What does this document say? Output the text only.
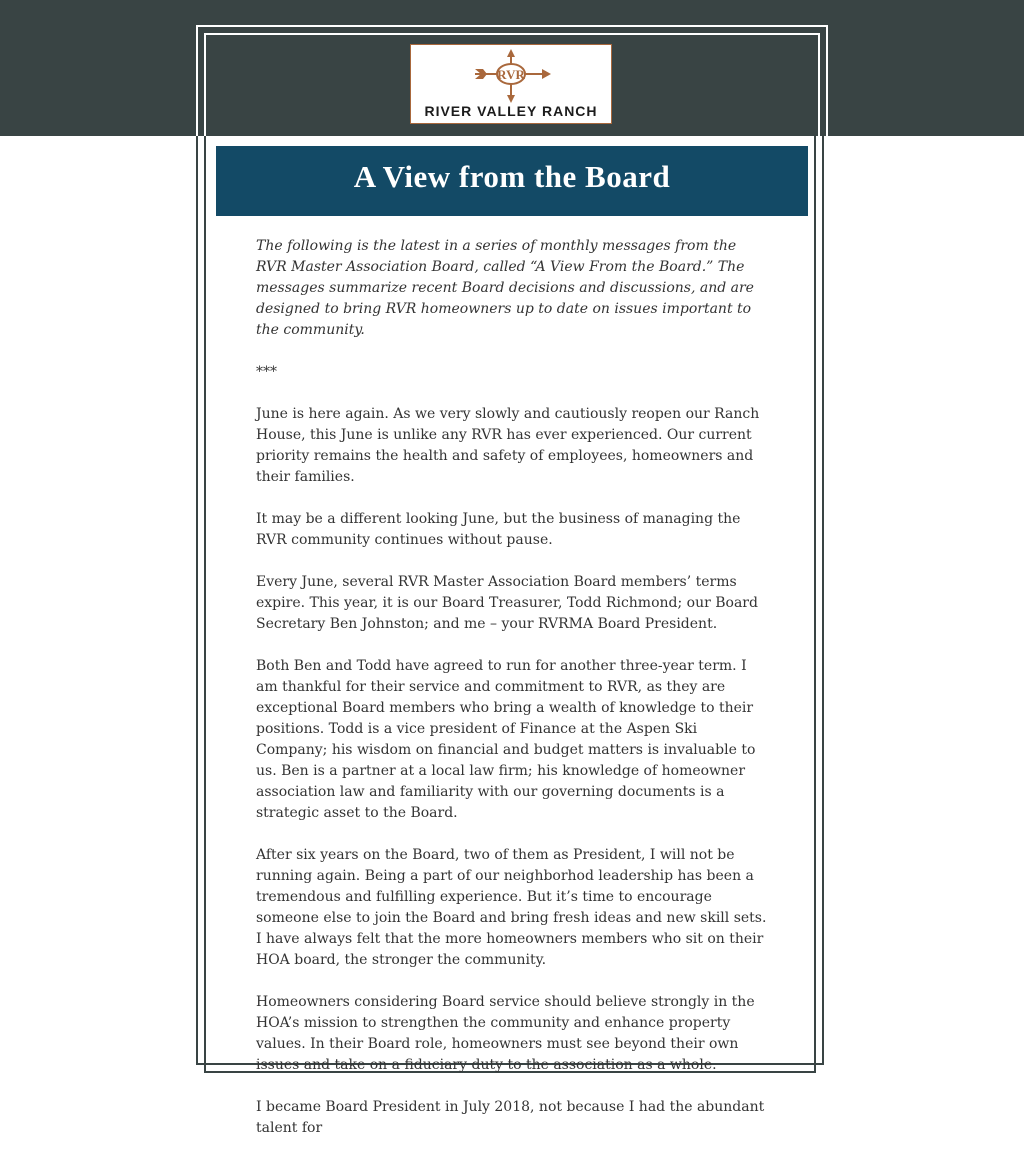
RVR
RIVER VALLEY RANCH
A View from the Board

The following is the latest in a series of monthly messages from the RVR Master Association Board, called “A View From the Board.” The messages summarize recent Board decisions and discussions, and are designed to bring RVR homeowners up to date on issues important to the community.

***

June is here again. As we very slowly and cautiously reopen our Ranch House, this June is unlike any RVR has ever experienced. Our current priority remains the health and safety of employees, homeowners and their families.

It may be a different looking June, but the business of managing the RVR community continues without pause.

Every June, several RVR Master Association Board members’ terms expire. This year, it is our Board Treasurer, Todd Richmond; our Board Secretary Ben Johnston; and me – your RVRMA Board President.

Both Ben and Todd have agreed to run for another three-year term. I am thankful for their service and commitment to RVR, as they are exceptional Board members who bring a wealth of knowledge to their positions. Todd is a vice president of Finance at the Aspen Ski Company; his wisdom on financial and budget matters is invaluable to us. Ben is a partner at a local law firm; his knowledge of homeowner association law and familiarity with our governing documents is a strategic asset to the Board.

After six years on the Board, two of them as President, I will not be running again. Being a part of our neighborhod leadership has been a tremendous and fulfilling experience. But it’s time to encourage someone else to join the Board and bring fresh ideas and new skill sets. I have always felt that the more homeowners members who sit on their HOA board, the stronger the community.

Homeowners considering Board service should believe strongly in the HOA’s mission to strengthen the community and enhance property values. In their Board role, homeowners must see beyond their own issues and take on a fiduciary duty to the association as a whole.

I became Board President in July 2018, not because I had the abundant talent for
